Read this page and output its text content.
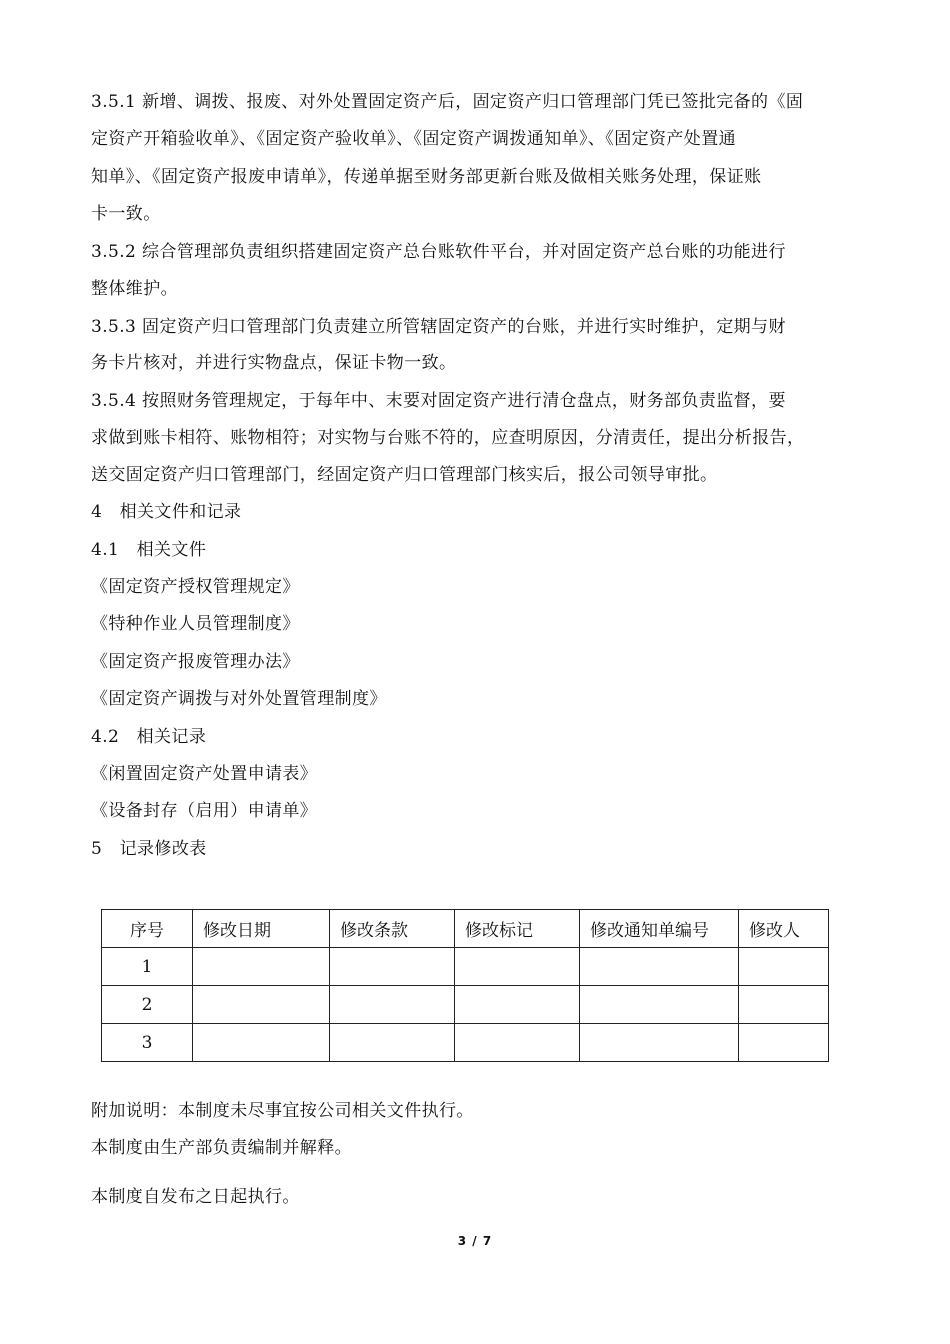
3.5.1 新增、调拨、报废、对外处置固定资产后，固定资产归口管理部门凭已签批完备的《固
定资产开箱验收单》、《固定资产验收单》、《固定资产调拨通知单》、《固定资产处置通
知单》、《固定资产报废申请单》，传递单据至财务部更新台账及做相关账务处理，保证账
卡一致。
3.5.2 综合管理部负责组织搭建固定资产总台账软件平台，并对固定资产总台账的功能进行
整体维护。
3.5.3 固定资产归口管理部门负责建立所管辖固定资产的台账，并进行实时维护，定期与财
务卡片核对，并进行实物盘点，保证卡物一致。
3.5.4 按照财务管理规定，于每年中、末要对固定资产进行清仓盘点，财务部负责监督，要
求做到账卡相符、账物相符；对实物与台账不符的，应查明原因，分清责任，提出分析报告，
送交固定资产归口管理部门，经固定资产归口管理部门核实后，报公司领导审批。
4　相关文件和记录
4.1　相关文件
《固定资产授权管理规定》
《特种作业人员管理制度》
《固定资产报废管理办法》
《固定资产调拨与对外处置管理制度》
4.2　相关记录
《闲置固定资产处置申请表》
《设备封存（启用）申请单》
5　记录修改表
序号	修改日期	修改条款	修改标记	修改通知单编号	修改人
1					
2					
3					
附加说明：本制度未尽事宜按公司相关文件执行。
本制度由生产部负责编制并解释。
本制度自发布之日起执行。
3 / 7
